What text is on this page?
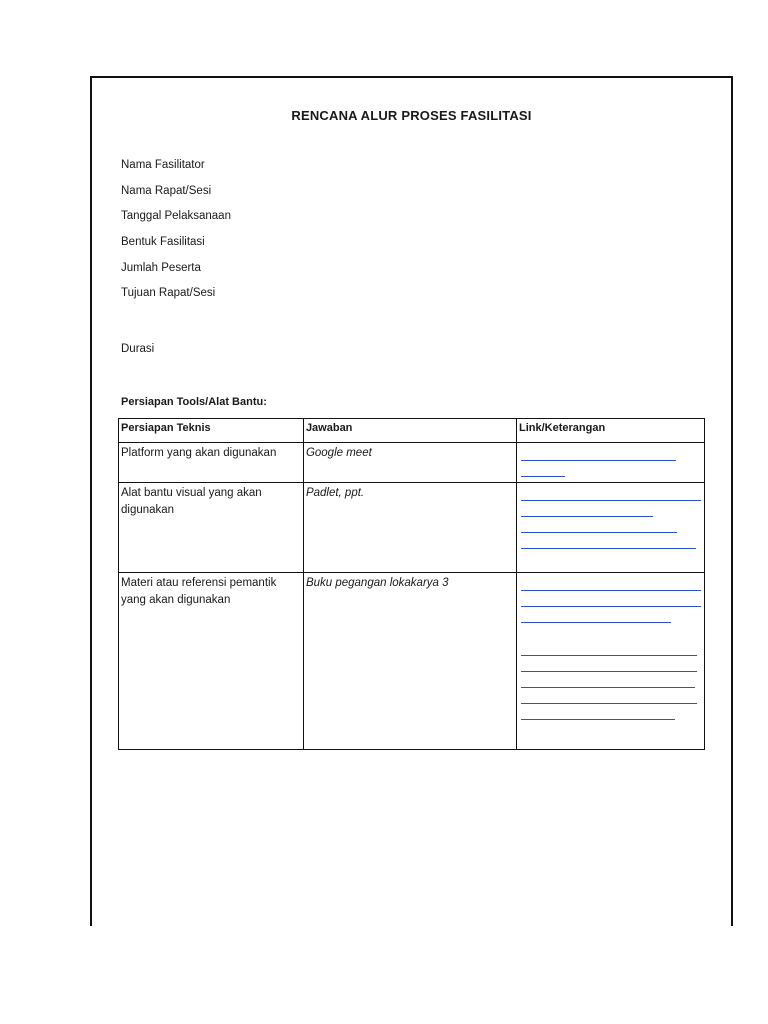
RENCANA ALUR PROSES FASILITASI
Nama Fasilitator
Nama Rapat/Sesi
Tanggal Pelaksanaan
Bentuk Fasilitasi
Jumlah Peserta
Tujuan Rapat/Sesi
Durasi
Persiapan Tools/Alat Bantu:
Persiapan Teknis	Jawaban	Link/Keterangan
Platform yang akan digunakan	Google meet	

Alat bantu visual yang akan digunakan	Padlet, ppt.	

Materi atau referensi pemantik yang akan digunakan	Buku pegangan lokakarya 3	
